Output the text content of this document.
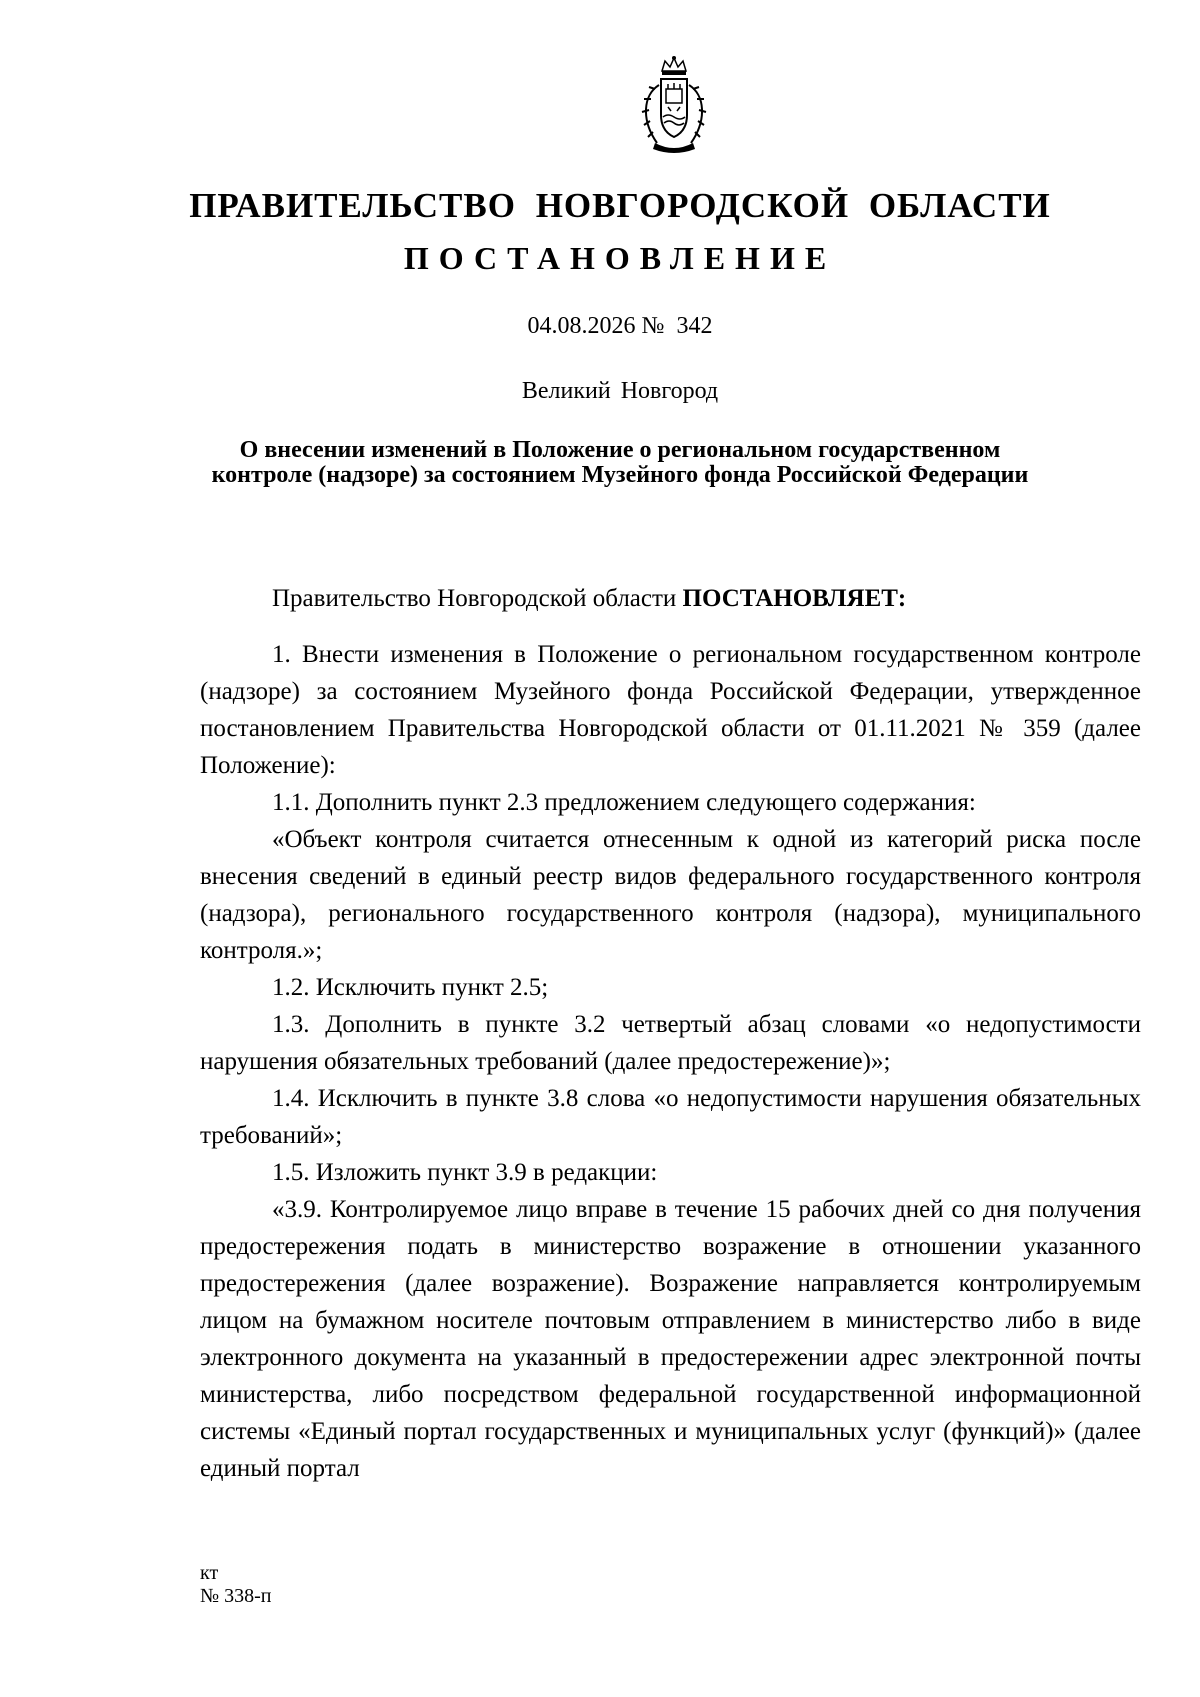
ПРАВИТЕЛЬСТВО НОВГОРОДСКОЙ ОБЛАСТИ
ПОСТАНОВЛЕНИЕ
04.08.2026 № 342
Великий Новгород
О внесении изменений в Положение о региональном государственном контроле (надзоре) за состоянием Музейного фонда Российской Федерации

Правительство Новгородской области ПОСТАНОВЛЯЕТ:

1. Внести изменения в Положение о региональном государственном контроле (надзоре) за состоянием Музейного фонда Российской Федерации, утвержденное постановлением Правительства Новгородской области от 01.11.2021 № 359 (далее Положение):

1.1. Дополнить пункт 2.3 предложением следующего содержания:

«Объект контроля считается отнесенным к одной из категорий риска после внесения сведений в единый реестр видов федерального государственного контроля (надзора), регионального государственного контроля (надзора), муниципального контроля.»;

1.2. Исключить пункт 2.5;

1.3. Дополнить в пункте 3.2 четвертый абзац словами «о недопустимости нарушения обязательных требований (далее предостережение)»;

1.4. Исключить в пункте 3.8 слова «о недопустимости нарушения обязательных требований»;

1.5. Изложить пункт 3.9 в редакции:

«3.9. Контролируемое лицо вправе в течение 15 рабочих дней со дня получения предостережения подать в министерство возражение в отношении указанного предостережения (далее возражение). Возражение направляется контролируемым лицом на бумажном носителе почтовым отправлением в министерство либо в виде электронного документа на указанный в предостережении адрес электронной почты министерства, либо посредством федеральной государственной информационной системы «Единый портал государственных и муниципальных услуг (функций)» (далее единый портал

кт
№ 338-п
